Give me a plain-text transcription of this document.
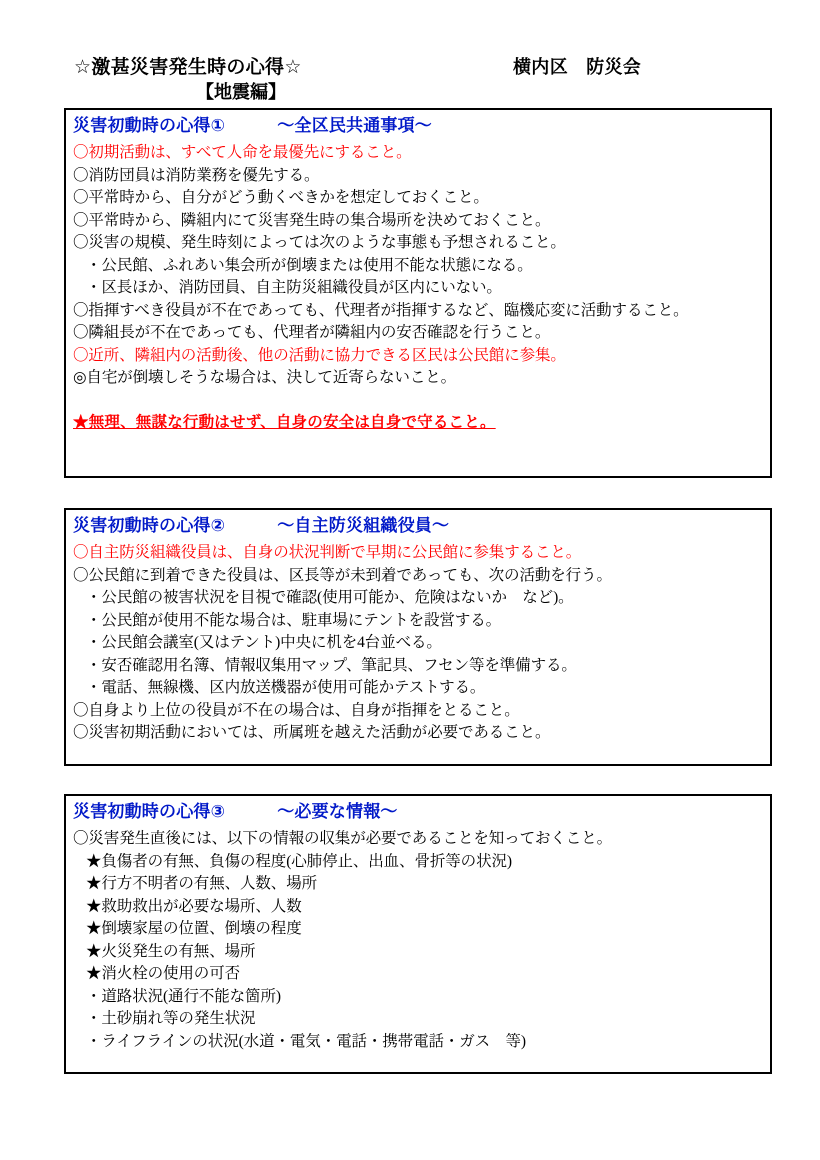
☆激甚災害発生時の心得☆	横内区　防災会
【地震編】
災害初動時の心得①	～全区民共通事項～
〇初期活動は、すべて人命を最優先にすること。
〇消防団員は消防業務を優先する。
〇平常時から、自分がどう動くべきかを想定しておくこと。
〇平常時から、隣組内にて災害発生時の集合場所を決めておくこと。
〇災害の規模、発生時刻によっては次のような事態も予想されること。
・公民館、ふれあい集会所が倒壊または使用不能な状態になる。
・区長ほか、消防団員、自主防災組織役員が区内にいない。
〇指揮すべき役員が不在であっても、代理者が指揮するなど、臨機応変に活動すること。
〇隣組長が不在であっても、代理者が隣組内の安否確認を行うこと。
〇近所、隣組内の活動後、他の活動に協力できる区民は公民館に参集。
◎自宅が倒壊しそうな場合は、決して近寄らないこと。
★無理、無謀な行動はせず、自身の安全は自身で守ること。
災害初動時の心得②	～自主防災組織役員～
〇自主防災組織役員は、自身の状況判断で早期に公民館に参集すること。
〇公民館に到着できた役員は、区長等が未到着であっても、次の活動を行う。
・公民館の被害状況を目視で確認(使用可能か、危険はないか　など)。
・公民館が使用不能な場合は、駐車場にテントを設営する。
・公民館会議室(又はテント)中央に机を4台並べる。
・安否確認用名簿、情報収集用マップ、筆記具、フセン等を準備する。
・電話、無線機、区内放送機器が使用可能かテストする。
〇自身より上位の役員が不在の場合は、自身が指揮をとること。
〇災害初期活動においては、所属班を越えた活動が必要であること。
災害初動時の心得③	～必要な情報～
〇災害発生直後には、以下の情報の収集が必要であることを知っておくこと。
★負傷者の有無、負傷の程度(心肺停止、出血、骨折等の状況)
★行方不明者の有無、人数、場所
★救助救出が必要な場所、人数
★倒壊家屋の位置、倒壊の程度
★火災発生の有無、場所
★消火栓の使用の可否
・道路状況(通行不能な箇所)
・土砂崩れ等の発生状況
・ライフラインの状況(水道・電気・電話・携帯電話・ガス　等)
